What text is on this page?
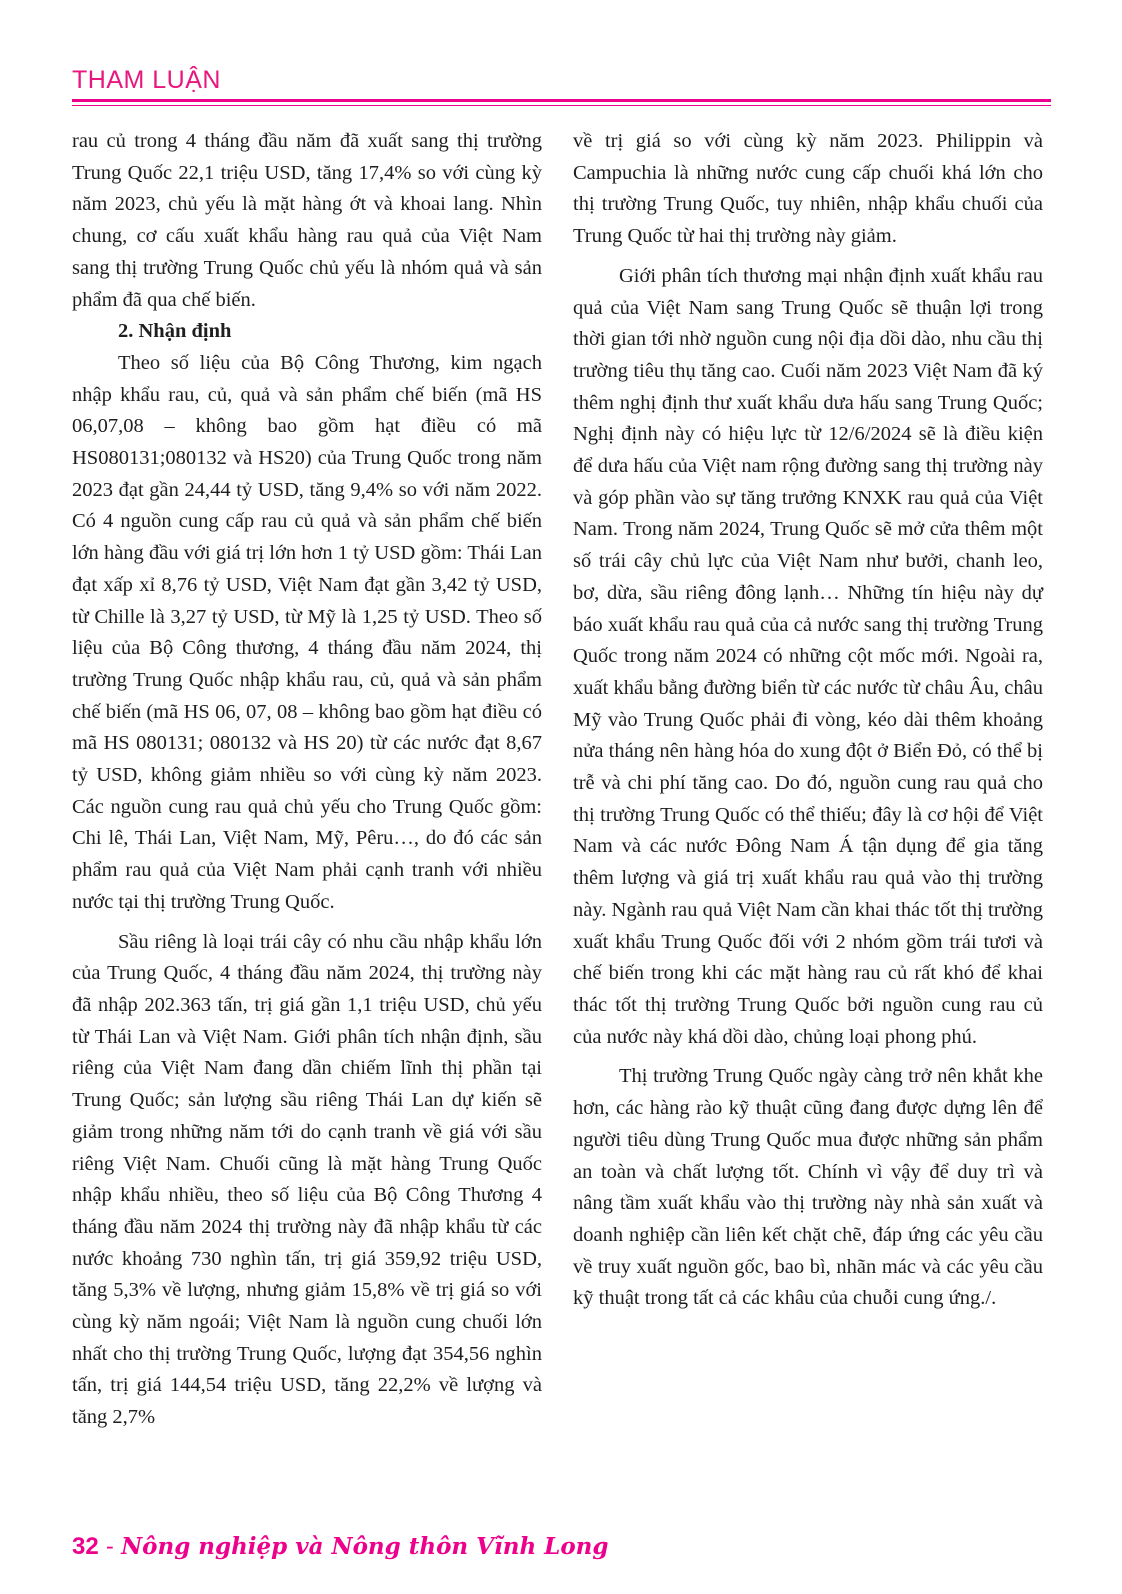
THAM LUẬN

rau củ trong 4 tháng đầu năm đã xuất sang thị trường Trung Quốc 22,1 triệu USD, tăng 17,4% so với cùng kỳ năm 2023, chủ yếu là mặt hàng ớt và khoai lang. Nhìn chung, cơ cấu xuất khẩu hàng rau quả của Việt Nam sang thị trường Trung Quốc chủ yếu là nhóm quả và sản phẩm đã qua chế biến.

2. Nhận định

Theo số liệu của Bộ Công Thương, kim ngạch nhập khẩu rau, củ, quả và sản phẩm chế biến (mã HS 06,07,08 – không bao gồm hạt điều có mã HS080131;080132 và HS20) của Trung Quốc trong năm 2023 đạt gần 24,44 tỷ USD, tăng 9,4% so với năm 2022. Có 4 nguồn cung cấp rau củ quả và sản phẩm chế biến lớn hàng đầu với giá trị lớn hơn 1 tỷ USD gồm: Thái Lan đạt xấp xỉ 8,76 tỷ USD, Việt Nam đạt gần 3,42 tỷ USD, từ Chille là 3,27 tỷ USD, từ Mỹ là 1,25 tỷ USD. Theo số liệu của Bộ Công thương, 4 tháng đầu năm 2024, thị trường Trung Quốc nhập khẩu rau, củ, quả và sản phẩm chế biến (mã HS 06, 07, 08 – không bao gồm hạt điều có mã HS 080131; 080132 và HS 20) từ các nước đạt 8,67 tỷ USD, không giảm nhiều so với cùng kỳ năm 2023. Các nguồn cung rau quả chủ yếu cho Trung Quốc gồm: Chi lê, Thái Lan, Việt Nam, Mỹ, Pêru…, do đó các sản phẩm rau quả của Việt Nam phải cạnh tranh với nhiều nước tại thị trường Trung Quốc.

Sầu riêng là loại trái cây có nhu cầu nhập khẩu lớn của Trung Quốc, 4 tháng đầu năm 2024, thị trường này đã nhập 202.363 tấn, trị giá gần 1,1 triệu USD, chủ yếu từ Thái Lan và Việt Nam. Giới phân tích nhận định, sầu riêng của Việt Nam đang dần chiếm lĩnh thị phần tại Trung Quốc; sản lượng sầu riêng Thái Lan dự kiến sẽ giảm trong những năm tới do cạnh tranh về giá với sầu riêng Việt Nam. Chuối cũng là mặt hàng Trung Quốc nhập khẩu nhiều, theo số liệu của Bộ Công Thương 4 tháng đầu năm 2024 thị trường này đã nhập khẩu từ các nước khoảng 730 nghìn tấn, trị giá 359,92 triệu USD, tăng 5,3% về lượng, nhưng giảm 15,8% về trị giá so với cùng kỳ năm ngoái; Việt Nam là nguồn cung chuối lớn nhất cho thị trường Trung Quốc, lượng đạt 354,56 nghìn tấn, trị giá 144,54 triệu USD, tăng 22,2% về lượng và tăng 2,7%

về trị giá so với cùng kỳ năm 2023. Philippin và Campuchia là những nước cung cấp chuối khá lớn cho thị trường Trung Quốc, tuy nhiên, nhập khẩu chuối của Trung Quốc từ hai thị trường này giảm.

Giới phân tích thương mại nhận định xuất khẩu rau quả của Việt Nam sang Trung Quốc sẽ thuận lợi trong thời gian tới nhờ nguồn cung nội địa dồi dào, nhu cầu thị trường tiêu thụ tăng cao. Cuối năm 2023 Việt Nam đã ký thêm nghị định thư xuất khẩu dưa hấu sang Trung Quốc; Nghị định này có hiệu lực từ 12/6/2024 sẽ là điều kiện để dưa hấu của Việt nam rộng đường sang thị trường này và góp phần vào sự tăng trưởng KNXK rau quả của Việt Nam. Trong năm 2024, Trung Quốc sẽ mở cửa thêm một số trái cây chủ lực của Việt Nam như bưởi, chanh leo, bơ, dừa, sầu riêng đông lạnh… Những tín hiệu này dự báo xuất khẩu rau quả của cả nước sang thị trường Trung Quốc trong năm 2024 có những cột mốc mới. Ngoài ra, xuất khẩu bằng đường biển từ các nước từ châu Âu, châu Mỹ vào Trung Quốc phải đi vòng, kéo dài thêm khoảng nửa tháng nên hàng hóa do xung đột ở Biển Đỏ, có thể bị trễ và chi phí tăng cao. Do đó, nguồn cung rau quả cho thị trường Trung Quốc có thể thiếu; đây là cơ hội để Việt Nam và các nước Đông Nam Á tận dụng để gia tăng thêm lượng và giá trị xuất khẩu rau quả vào thị trường này. Ngành rau quả Việt Nam cần khai thác tốt thị trường xuất khẩu Trung Quốc đối với 2 nhóm gồm trái tươi và chế biến trong khi các mặt hàng rau củ rất khó để khai thác tốt thị trường Trung Quốc bởi nguồn cung rau củ của nước này khá dồi dào, chủng loại phong phú.

Thị trường Trung Quốc ngày càng trở nên khắt khe hơn, các hàng rào kỹ thuật cũng đang được dựng lên để người tiêu dùng Trung Quốc mua được những sản phẩm an toàn và chất lượng tốt. Chính vì vậy để duy trì và nâng tầm xuất khẩu vào thị trường này nhà sản xuất và doanh nghiệp cần liên kết chặt chẽ, đáp ứng các yêu cầu về truy xuất nguồn gốc, bao bì, nhãn mác và các yêu cầu kỹ thuật trong tất cả các khâu của chuỗi cung ứng./.

32 - Nông nghiệp và Nông thôn Vĩnh Long
